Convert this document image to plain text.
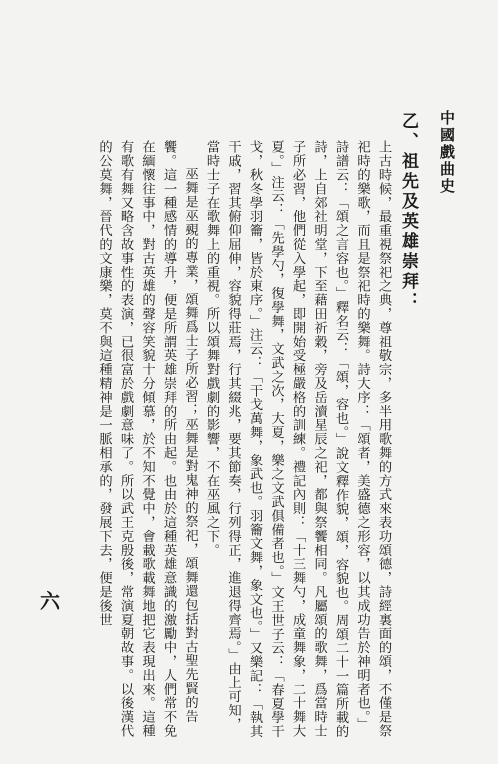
中國戲曲史
六
乙、祖先及英雄崇拜：

上古時候，最重視祭祀之典，尊祖敬宗，多半用歌舞的方式來表功頌德，詩經裏面的頌，不僅是祭祀時的樂歌，而且是祭祀時的樂舞。詩大序：「頌者，美盛德之形容，以其成功告於神明者也。」詩譜云：「頌之言容也。」釋名云：「頌，容也。」說文釋作貌，頌，容貌也。周頌二十一篇所載的詩，上自郊社明堂，下至藉田祈穀，旁及岳瀆星辰之祀，都與祭饗相同。凡屬頌的歌舞，爲當時士子所必習，他們從入學起，即開始受極嚴格的訓練。禮記內則：「十三舞勺，成童舞象，二十舞大夏。」注云：「先學勺，復學舞，文武之次，大夏，樂之文武俱備者也。」文王世子云：「春夏學干戈，秋冬學羽籥，皆於東序。」注云：「干戈萬舞，象武也。羽籥文舞，象文也。」又樂記：「執其干戚，習其俯仰屈伸，容貌得莊焉，行其綴兆，要其節奏，行列得正，進退得齊焉。」由上可知，當時士子在歌舞上的重視。所以頌舞對戲劇的影響，不在巫風之下。

巫舞是巫覡的專業，頌舞爲士子所必習；巫舞是對鬼神的祭祀，頌舞還包括對古聖先賢的告饗。這一種感情的導升，便是所謂英雄崇拜的所由起。也由於這種英雄意識的激勵中，人們常不免在緬懷往事中，對古英雄的聲容笑貌十分傾慕，於不知不覺中，會載歌載舞地把它表現出來。這種有歌有舞又略含故事性的表演，已很富於戲劇意味了。所以武王克殷後，常演夏朝故事。以後漢代的公莫舞，晉代的文康樂，莫不與這種精神是一脈相承的，發展下去，便是後世
